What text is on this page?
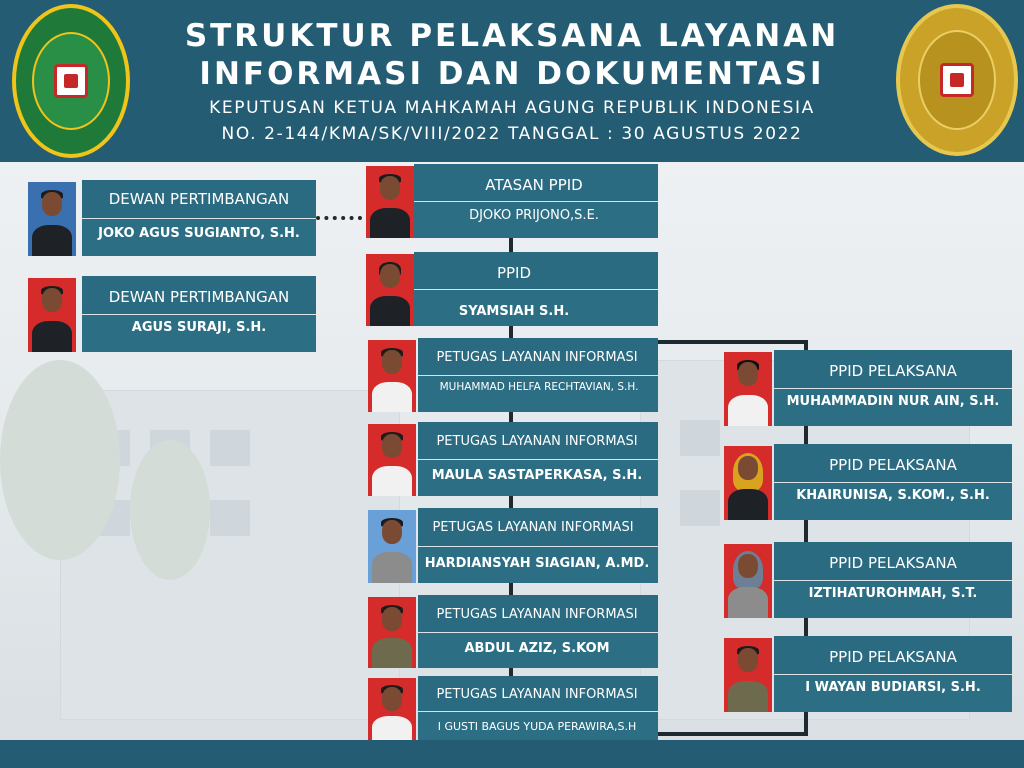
STRUKTUR PELAKSANA LAYANAN
INFORMASI DAN DOKUMENTASI
KEPUTUSAN KETUA MAHKAMAH AGUNG REPUBLIK INDONESIA
NO. 2-144/KMA/SK/VIII/2022 TANGGAL : 30 AGUSTUS 2022
DEWAN PERTIMBANGAN
JOKO AGUS SUGIANTO, S.H.
DEWAN PERTIMBANGAN
AGUS SURAJI, S.H.
ATASAN PPID
DJOKO PRIJONO,S.E.
PPID
SYAMSIAH S.H.
PETUGAS LAYANAN INFORMASI
MUHAMMAD HELFA RECHTAVIAN, S.H.
PETUGAS LAYANAN INFORMASI
MAULA SASTAPERKASA, S.H.
PETUGAS LAYANAN INFORMASI
HARDIANSYAH SIAGIAN, A.MD.
PETUGAS LAYANAN INFORMASI
ABDUL AZIZ, S.KOM
PETUGAS LAYANAN INFORMASI
I GUSTI BAGUS YUDA PERAWIRA,S.H
PPID PELAKSANA
MUHAMMADIN NUR AIN, S.H.
PPID PELAKSANA
KHAIRUNISA, S.KOM., S.H.
PPID PELAKSANA
IZTIHATUROHMAH, S.T.
PPID PELAKSANA
I WAYAN BUDIARSI, S.H.
